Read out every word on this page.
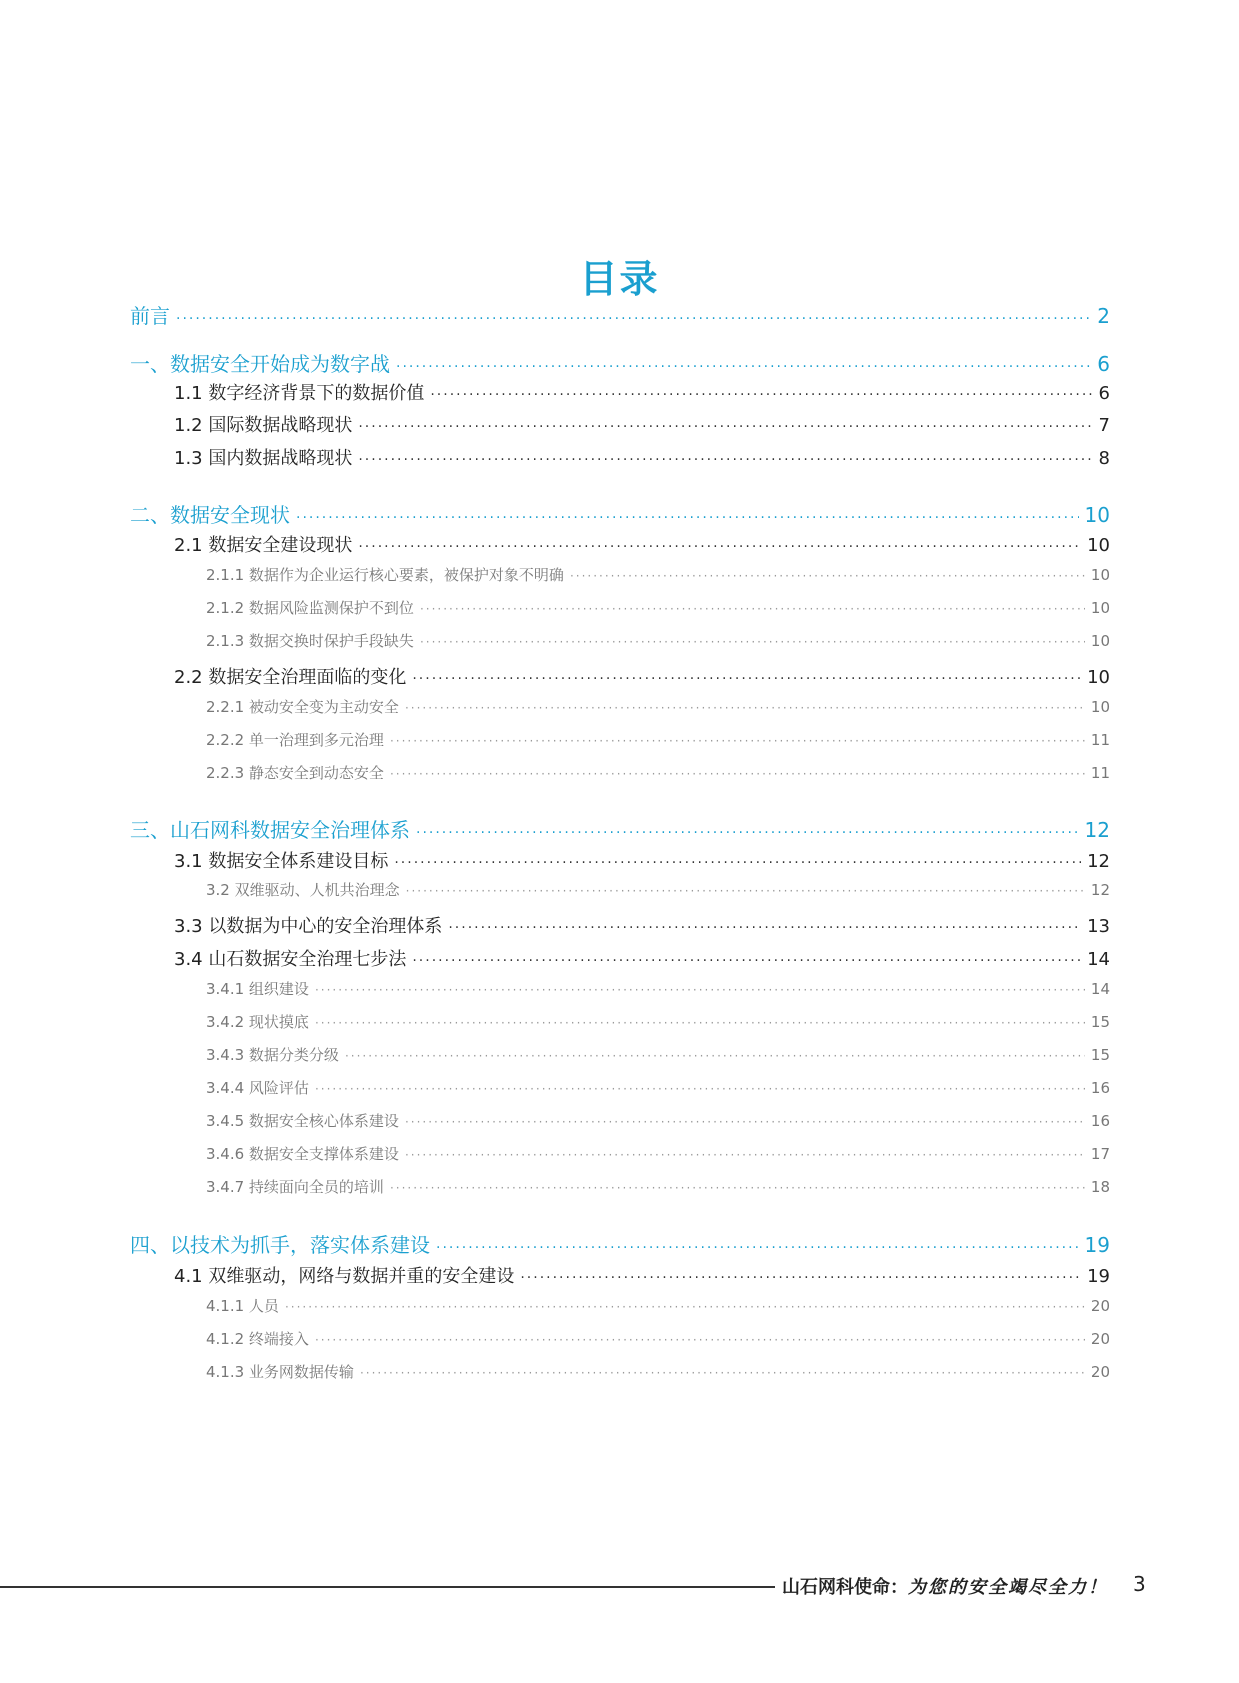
目录
前言 ·····	2
一、数据安全开始成为数字战 ·····	6
1.1 数字经济背景下的数据价值 ·····	6
1.2 国际数据战略现状 ·····	7
1.3 国内数据战略现状 ·····	8
二、数据安全现状 ·····	10
2.1 数据安全建设现状 ·····	10
2.1.1 数据作为企业运行核心要素，被保护对象不明确 ·····	10
2.1.2 数据风险监测保护不到位 ·····	10
2.1.3 数据交换时保护手段缺失 ·····	10
2.2 数据安全治理面临的变化 ·····	10
2.2.1 被动安全变为主动安全 ·····	10
2.2.2 单一治理到多元治理 ·····	11
2.2.3 静态安全到动态安全 ·····	11
三、山石网科数据安全治理体系 ·····	12
3.1 数据安全体系建设目标 ·····	12
3.2 双维驱动、人机共治理念 ·····	12
3.3 以数据为中心的安全治理体系 ·····	13
3.4 山石数据安全治理七步法 ·····	14
3.4.1 组织建设 ·····	14
3.4.2 现状摸底 ·····	15
3.4.3 数据分类分级 ·····	15
3.4.4 风险评估 ·····	16
3.4.5 数据安全核心体系建设 ·····	16
3.4.6 数据安全支撑体系建设 ·····	17
3.4.7 持续面向全员的培训 ·····	18
四、以技术为抓手，落实体系建设 ·····	19
4.1 双维驱动，网络与数据并重的安全建设 ·····	19
4.1.1 人员 ·····	20
4.1.2 终端接入 ·····	20
4.1.3 业务网数据传输 ·····	20
山石网科使命：为您的安全竭尽全力！ 3
